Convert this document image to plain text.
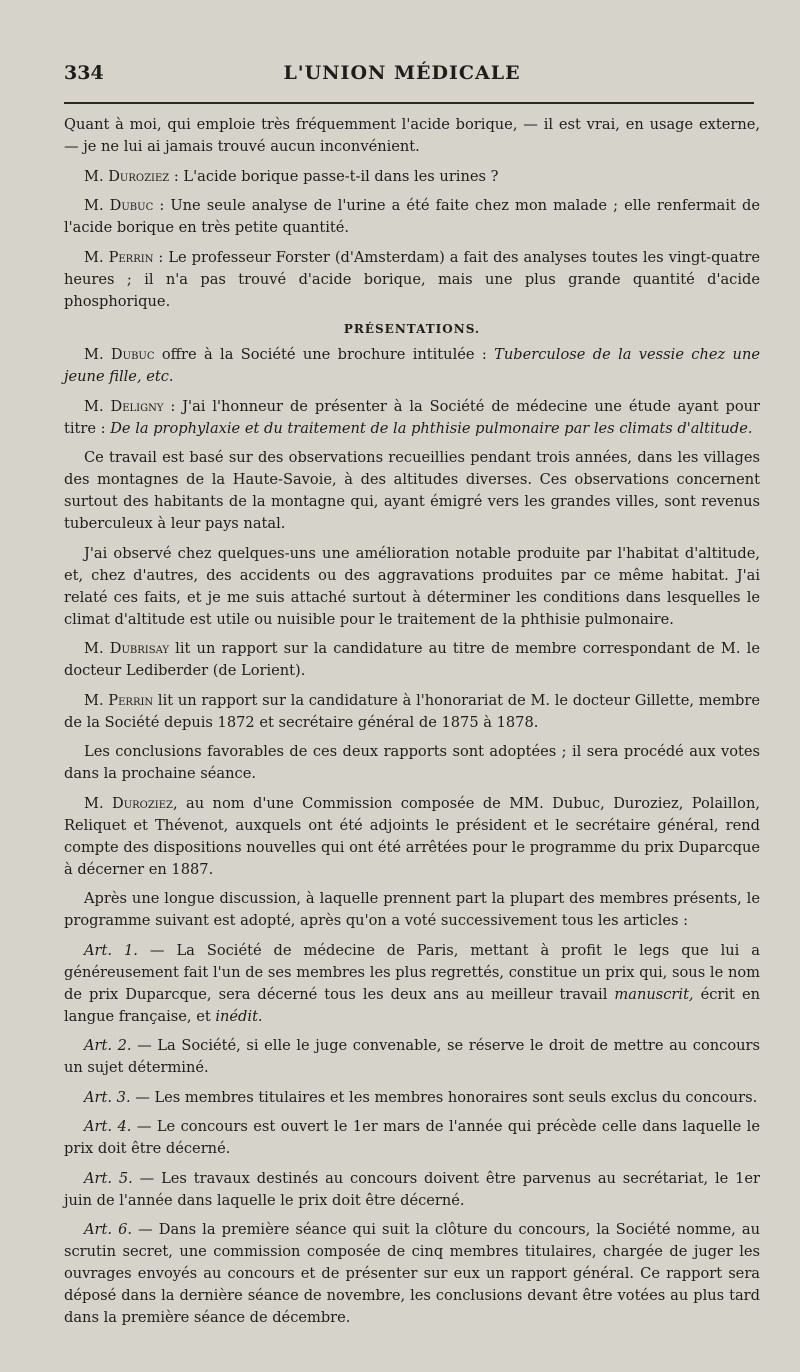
334	L'UNION MÉDICALE

Quant à moi, qui emploie très fréquemment l'acide borique, — il est vrai, en usage externe, — je ne lui ai jamais trouvé aucun inconvénient.

M. Duroziez : L'acide borique passe-t-il dans les urines ?

M. Dubuc : Une seule analyse de l'urine a été faite chez mon malade ; elle renfermait de l'acide borique en très petite quantité.

M. Perrin : Le professeur Forster (d'Amsterdam) a fait des analyses toutes les vingt-quatre heures ; il n'a pas trouvé d'acide borique, mais une plus grande quantité d'acide phosphorique.

PRÉSENTATIONS.

M. Dubuc offre à la Société une brochure intitulée : Tuberculose de la vessie chez une jeune fille, etc.

M. Deligny : J'ai l'honneur de présenter à la Société de médecine une étude ayant pour titre : De la prophylaxie et du traitement de la phthisie pulmonaire par les climats d'altitude.

Ce travail est basé sur des observations recueillies pendant trois années, dans les villages des montagnes de la Haute-Savoie, à des altitudes diverses. Ces observations concernent surtout des habitants de la montagne qui, ayant émigré vers les grandes villes, sont revenus tuberculeux à leur pays natal.

J'ai observé chez quelques-uns une amélioration notable produite par l'habitat d'altitude, et, chez d'autres, des accidents ou des aggravations produites par ce même habitat. J'ai relaté ces faits, et je me suis attaché surtout à déterminer les conditions dans lesquelles le climat d'altitude est utile ou nuisible pour le traitement de la phthisie pulmonaire.

M. Dubrisay lit un rapport sur la candidature au titre de membre correspondant de M. le docteur Lediberder (de Lorient).

M. Perrin lit un rapport sur la candidature à l'honorariat de M. le docteur Gillette, membre de la Société depuis 1872 et secrétaire général de 1875 à 1878.

Les conclusions favorables de ces deux rapports sont adoptées ; il sera procédé aux votes dans la prochaine séance.

M. Duroziez, au nom d'une Commission composée de MM. Dubuc, Duroziez, Polaillon, Reliquet et Thévenot, auxquels ont été adjoints le président et le secrétaire général, rend compte des dispositions nouvelles qui ont été arrêtées pour le programme du prix Duparcque à décerner en 1887.

Après une longue discussion, à laquelle prennent part la plupart des membres présents, le programme suivant est adopté, après qu'on a voté successivement tous les articles :

Art. 1. — La Société de médecine de Paris, mettant à profit le legs que lui a généreusement fait l'un de ses membres les plus regrettés, constitue un prix qui, sous le nom de prix Duparcque, sera décerné tous les deux ans au meilleur travail manuscrit, écrit en langue française, et inédit.

Art. 2. — La Société, si elle le juge convenable, se réserve le droit de mettre au concours un sujet déterminé.

Art. 3. — Les membres titulaires et les membres honoraires sont seuls exclus du concours.

Art. 4. — Le concours est ouvert le 1er mars de l'année qui précède celle dans laquelle le prix doit être décerné.

Art. 5. — Les travaux destinés au concours doivent être parvenus au secrétariat, le 1er juin de l'année dans laquelle le prix doit être décerné.

Art. 6. — Dans la première séance qui suit la clôture du concours, la Société nomme, au scrutin secret, une commission composée de cinq membres titulaires, chargée de juger les ouvrages envoyés au concours et de présenter sur eux un rapport général. Ce rapport sera déposé dans la dernière séance de novembre, les conclusions devant être votées au plus tard dans la première séance de décembre.
